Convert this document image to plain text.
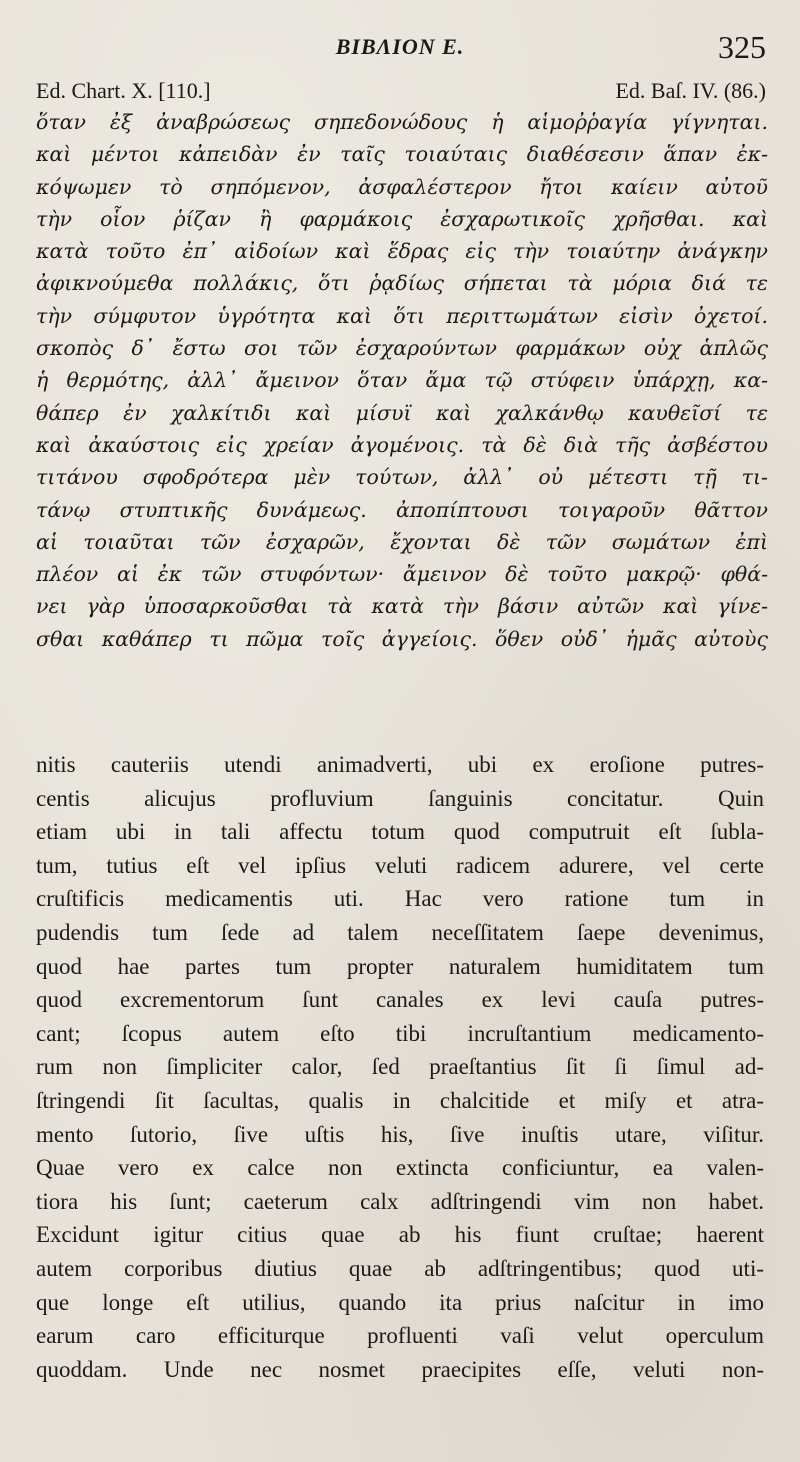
BIBΛION E.	325
Ed. Chart. X. [110.]	Ed. Baſ. IV. (86.)
ὅταν ἐξ ἀναβρώσεως σηπεδονώδους ἡ αἱμοῤῥαγία γίγνηται.
καὶ μέντοι κἀπειδὰν ἐν ταῖς τοιαύταις διαθέσεσιν ἅπαν ἐκ-
κόψωμεν τὸ σηπόμενον, ἀσφαλέστερον ἤτοι καίειν αὐτοῦ
τὴν οἷον ῥίζαν ἢ φαρμάκοις ἐσχαρωτικοῖς χρῆσθαι. καὶ
κατὰ τοῦτο ἐπ᾽ αἰδοίων καὶ ἕδρας εἰς τὴν τοιαύτην ἀνάγκην
ἀφικνούμεθα πολλάκις, ὅτι ῥᾳδίως σήπεται τὰ μόρια διά τε
τὴν σύμφυτον ὑγρότητα καὶ ὅτι περιττωμάτων εἰσὶν ὀχετοί.
σκοπὸς δ᾽ ἔστω σοι τῶν ἐσχαρούντων φαρμάκων οὐχ ἁπλῶς
ἡ θερμότης, ἀλλ᾽ ἄμεινον ὅταν ἅμα τῷ στύφειν ὑπάρχῃ, κα-
θάπερ ἐν χαλκίτιδι καὶ μίσυϊ καὶ χαλκάνθῳ καυθεῖσί τε
καὶ ἀκαύστοις εἰς χρείαν ἀγομένοις. τὰ δὲ διὰ τῆς ἀσβέστου
τιτάνου σφοδρότερα μὲν τούτων, ἀλλ᾽ οὐ μέτεστι τῇ τι-
τάνῳ στυπτικῆς δυνάμεως. ἀποπίπτουσι τοιγαροῦν θᾶττον
αἱ τοιαῦται τῶν ἐσχαρῶν, ἔχονται δὲ τῶν σωμάτων ἐπὶ
πλέον αἱ ἐκ τῶν στυφόντων· ἄμεινον δὲ τοῦτο μακρῷ· φθά-
νει γὰρ ὑποσαρκοῦσθαι τὰ κατὰ τὴν βάσιν αὐτῶν καὶ γίνε-
σθαι καθάπερ τι πῶμα τοῖς ἀγγείοις. ὅθεν οὐδ᾽ ἡμᾶς αὐτοὺς
nitis cauteriis utendi animadverti, ubi ex eroſione putres-
centis alicujus profluvium ſanguinis concitatur. Quin
etiam ubi in tali affectu totum quod computruit eſt ſubla-
tum, tutius eſt vel ipſius veluti radicem adurere, vel certe
cruſtificis medicamentis uti. Hac vero ratione tum in
pudendis tum ſede ad talem neceſſitatem ſaepe devenimus,
quod hae partes tum propter naturalem humiditatem tum
quod excrementorum ſunt canales ex levi cauſa putres-
cant; ſcopus autem eſto tibi incruſtantium medicamento-
rum non ſimpliciter calor, ſed praeſtantius ſit ſi ſimul ad-
ſtringendi ſit ſacultas, qualis in chalcitide et miſy et atra-
mento ſutorio, ſive uſtis his, ſive inuſtis utare, viſitur.
Quae vero ex calce non extincta conficiuntur, ea valen-
tiora his ſunt; caeterum calx adſtringendi vim non habet.
Excidunt igitur citius quae ab his fiunt cruſtae; haerent
autem corporibus diutius quae ab adſtringentibus; quod uti-
que longe eſt utilius, quando ita prius naſcitur in imo
earum caro efficiturque profluenti vaſi velut operculum
quoddam. Unde nec nosmet praecipites eſſe, veluti non-
